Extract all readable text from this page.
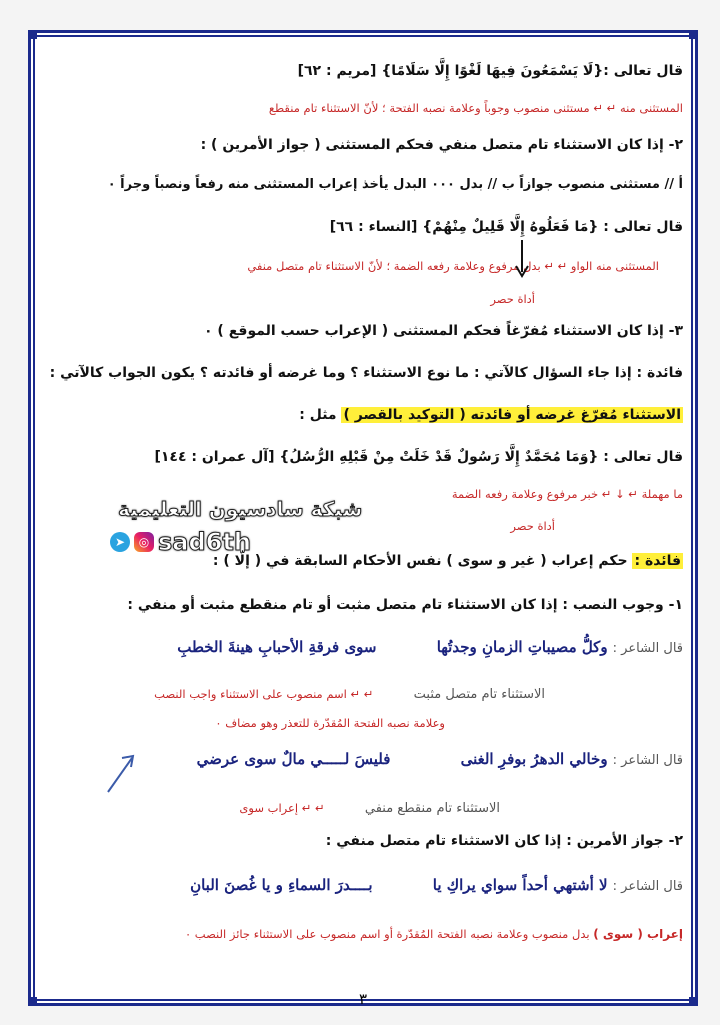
قال تعالى :{لَا يَسْمَعُونَ فِيهَا لَغْوًا إِلَّا سَلَامًا} [مريم : ٦٢]
المستثنى منه ↵ ↵ مستثنى منصوب وجوباً وعلامة نصبه الفتحة ؛ لأنّ الاستثناء تام منقطع
٢- إذا كان الاستثناء تام متصل منفي فحكم المستثنى ( جواز الأمرين ) :
أ // مستثنى منصوب جوازاً ب // بدل ٠٠٠ البدل يأخذ إعراب المستثنى منه رفعاً ونصباً وجراً ٠
قال تعالى : {مَا فَعَلُوهُ إِلَّا قَلِيلٌ مِنْهُمْ} [النساء : ٦٦]
المستثنى منه الواو ↵ ↵ بدل مرفوع وعلامة رفعه الضمة ؛ لأنّ الاستثناء تام متصل منفي
أداة حصر
٣- إذا كان الاستثناء مُفرّغاً فحكم المستثنى ( الإعراب حسب الموقع ) ٠
فائدة : إذا جاء السؤال كالآتي : ما نوع الاستثناء ؟ وما غرضه أو فائدته ؟ يكون الجواب كالآتي :
الاستثناء مُفرّغ غرضه أو فائدته ( التوكيد بالقصر ) مثل :
قال تعالى : {وَمَا مُحَمَّدٌ إِلَّا رَسُولٌ قَدْ خَلَتْ مِنْ قَبْلِهِ الرُّسُلُ} [آل عمران : ١٤٤]
ما مهملة ↵ ↓ ↵ خبر مرفوع وعلامة رفعه الضمة
أداة حصر
فائدة : حكم إعراب ( غير و سوى ) نفس الأحكام السابقة في ( إلّا ) :
١- وجوب النصب : إذا كان الاستثناء تام متصل مثبت أو تام منقطع مثبت أو منفي :
قال الشاعر : وكلُّ مصيباتِ الزمانِ وجدتُها  سوى فرقةِ الأحبابِ هينةَ الخطبِ
الاستثناء تام متصل مثبت  ↵ ↵ اسم منصوب على الاستثناء واجب النصب
وعلامة نصبه الفتحة المُقدّرة للتعذر وهو مضاف ٠
قال الشاعر : وخالي الدهرُ بوفرِ الغنى  فليسَ لـــــي مالٌ سوى عرضي
الاستثناء تام منقطع منفي  ↵ ↵ إعراب سوى
٢- جواز الأمرين : إذا كان الاستثناء تام متصل منفي :
قال الشاعر : لا أشتهي أحداً سواي يراكِ يا  بــــدرَ السماءِ و يا غُصنَ البانِ
إعراب ( سوى ) بدل منصوب وعلامة نصبه الفتحة المُقدّرة أو اسم منصوب على الاستثناء جائز النصب ٠
٣
شبكة سادسيون التعليمية
➤	◎ sad6th
